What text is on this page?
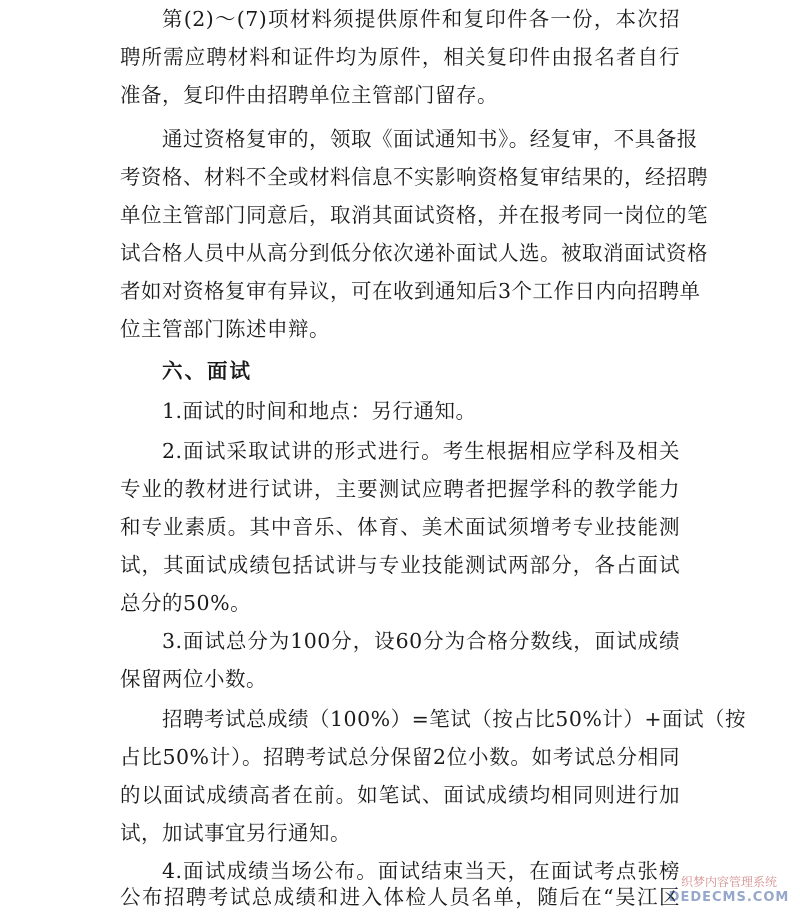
第(2)～(7)项材料须提供原件和复印件各一份，本次招
聘所需应聘材料和证件均为原件，相关复印件由报名者自行
准备，复印件由招聘单位主管部门留存。
通过资格复审的，领取《面试通知书》。经复审，不具备报
考资格、材料不全或材料信息不实影响资格复审结果的，经招聘
单位主管部门同意后，取消其面试资格，并在报考同一岗位的笔
试合格人员中从高分到低分依次递补面试人选。被取消面试资格
者如对资格复审有异议，可在收到通知后3个工作日内向招聘单
位主管部门陈述申辩。
六、面试
1.面试的时间和地点：另行通知。
2.面试采取试讲的形式进行。考生根据相应学科及相关
专业的教材进行试讲，主要测试应聘者把握学科的教学能力
和专业素质。其中音乐、体育、美术面试须增考专业技能测
试，其面试成绩包括试讲与专业技能测试两部分，各占面试
总分的50%。
3.面试总分为100分，设60分为合格分数线，面试成绩
保留两位小数。
招聘考试总成绩（100%）=笔试（按占比50%计）+面试（按
占比50%计）。招聘考试总分保留2位小数。如考试总分相同
的以面试成绩高者在前。如笔试、面试成绩均相同则进行加
试，加试事宜另行通知。
4.面试成绩当场公布。面试结束当天，在面试考点张榜
公布招聘考试总成绩和进入体检人员名单，随后在“吴江区
织梦内容管理系统
DEDECMS.COM
